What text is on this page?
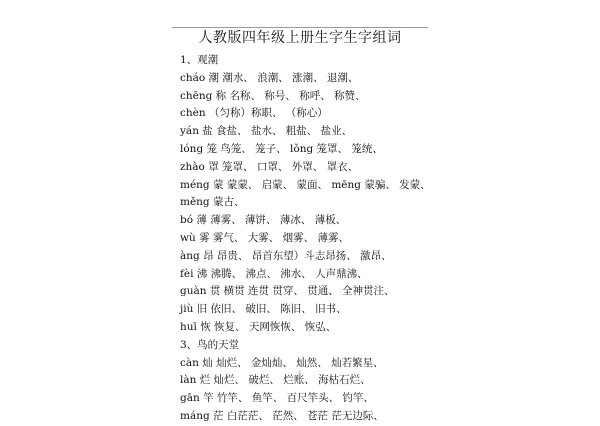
人教版四年级上册生字生字组词
1、观潮
cháo 潮 潮水、 浪潮、 涨潮、 退潮、
chēng 称 名称、 称号、 称呼、 称赞、
chèn （匀称）称职、 （称心）
yán 盐 食盐、 盐水、 粗盐、 盐业、
lóng 笼 鸟笼、 笼子、 lǒng 笼罩、 笼统、
zhào 罩 笼罩、 口罩、 外罩、 罩衣、
méng 蒙 蒙蒙、 启蒙、 蒙面、 mēng 蒙骗、 发蒙、
měng 蒙古、
bó 薄 薄雾、 薄饼、 薄冰、 薄板、
wù 雾 雾气、 大雾、 烟雾、 薄雾、
àng 昂 昂贵、 昂首东望）斗志昂扬、 激昂、
fèi 沸 沸腾、 沸点、 沸水、 人声鼎沸、
guàn 贯 横贯 连贯 贯穿、 贯通、 全神贯注、
jiù 旧 依旧、 破旧、 陈旧、 旧书、
huī 恢 恢复、 天网恢恢、 恢弘、
3、鸟的天堂
càn 灿 灿烂、 金灿灿、 灿然、 灿若繁星、
làn 烂 灿烂、 破烂、 烂账、 海枯石烂、
gān 竿 竹竿、 鱼竿、 百尺竿头、 钓竿、
máng 茫 白茫茫、 茫然、 苍茫 茫无边际、
1
